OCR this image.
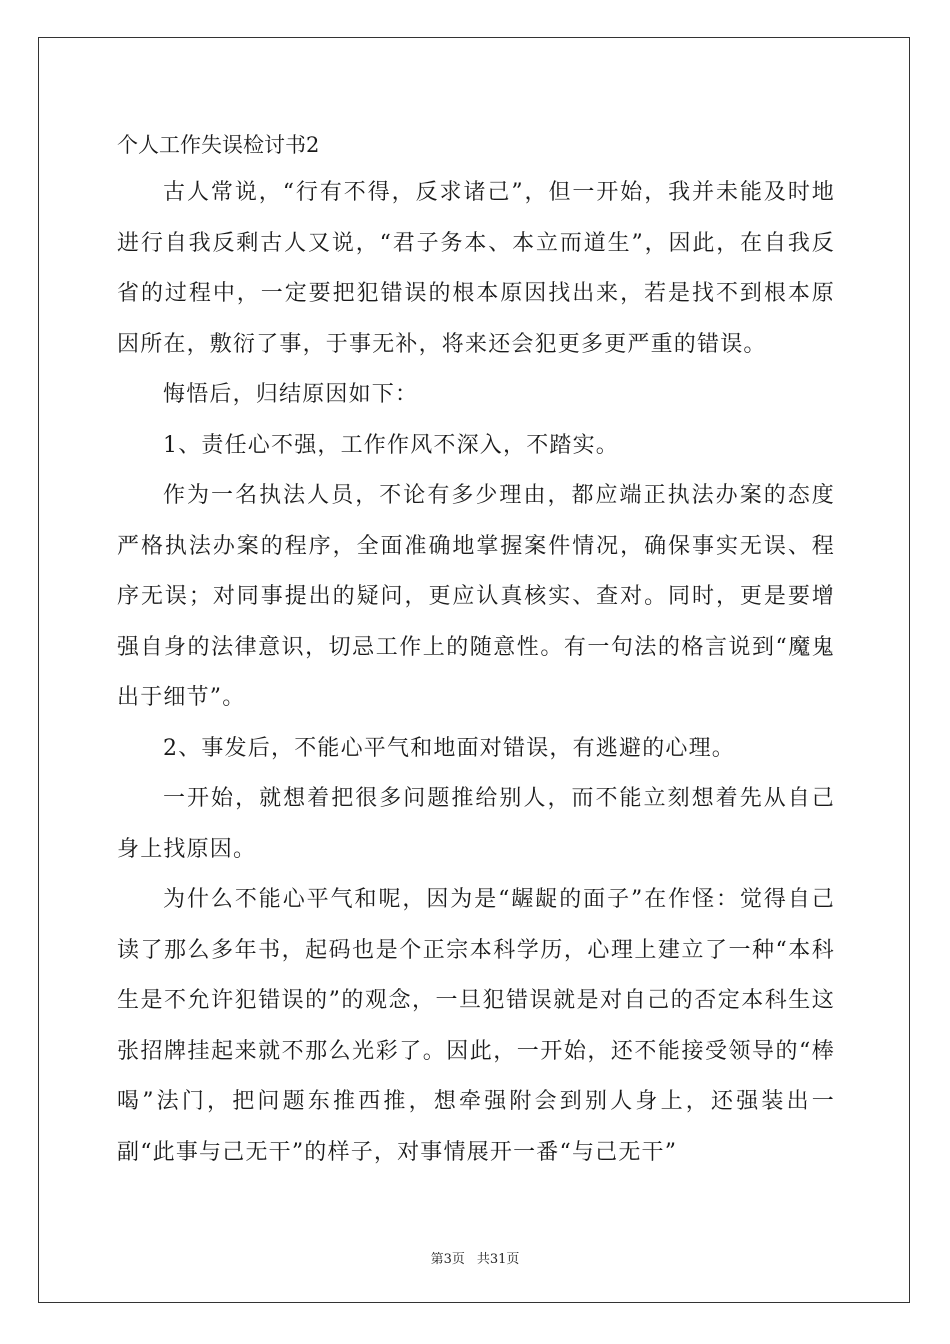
个人工作失误检讨书2

古人常说，“行有不得，反求诸己”，但一开始，我并未能及时地进行自我反剩古人又说，“君子务本、本立而道生”，因此，在自我反省的过程中，一定要把犯错误的根本原因找出来，若是找不到根本原因所在，敷衍了事，于事无补，将来还会犯更多更严重的错误。

悔悟后，归结原因如下：

1、责任心不强，工作作风不深入，不踏实。

作为一名执法人员，不论有多少理由，都应端正执法办案的态度严格执法办案的程序，全面准确地掌握案件情况，确保事实无误、程序无误；对同事提出的疑问，更应认真核实、查对。同时，更是要增强自身的法律意识，切忌工作上的随意性。有一句法的格言说到“魔鬼出于细节”。

2、事发后，不能心平气和地面对错误，有逃避的心理。

一开始，就想着把很多问题推给别人，而不能立刻想着先从自己身上找原因。

为什么不能心平气和呢，因为是“龌龊的面子”在作怪：觉得自己读了那么多年书，起码也是个正宗本科学历，心理上建立了一种“本科生是不允许犯错误的”的观念，一旦犯错误就是对自己的否定本科生这张招牌挂起来就不那么光彩了。因此，一开始，还不能接受领导的“棒喝”法门，把问题东推西推，想牵强附会到别人身上，还强装出一副“此事与己无干”的样子，对事情展开一番“与己无干”

第3页 共31页
